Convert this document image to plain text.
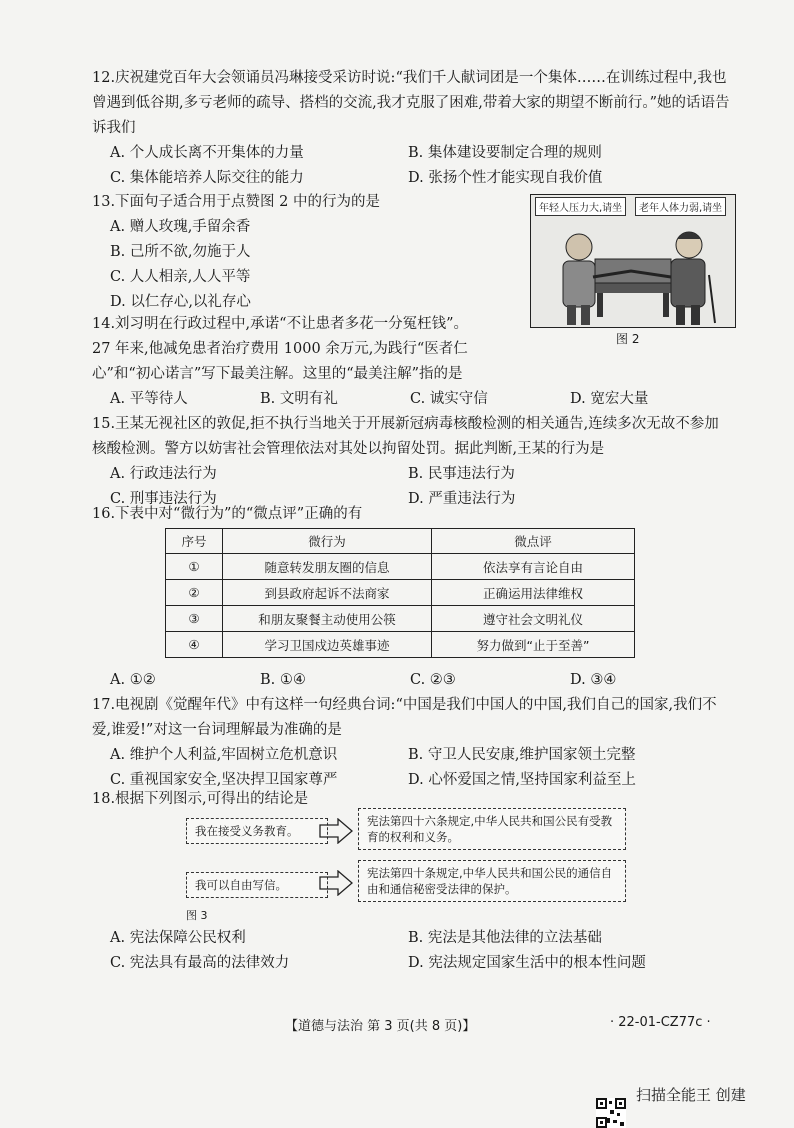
12.庆祝建党百年大会领诵员冯琳接受采访时说:“我们千人献词团是一个集体……在训练过程中,我也曾遇到低谷期,多亏老师的疏导、搭档的交流,我才克服了困难,带着大家的期望不断前行。”她的话语告诉我们
A. 个人成长离不开集体的力量	B. 集体建设要制定合理的规则
C. 集体能培养人际交往的能力	D. 张扬个性才能实现自我价值
13.下面句子适合用于点赞图 2 中的行为的是
A. 赠人玫瑰,手留余香
B. 己所不欲,勿施于人
C. 人人相亲,人人平等
D. 以仁存心,以礼存心
年轻人压力大,请坐	老年人体力弱,请坐
图 2
14.刘习明在行政过程中,承诺“不让患者多花一分冤枉钱”。
27 年来,他减免患者治疗费用 1000 余万元,为践行“医者仁
心”和“初心诺言”写下最美注解。这里的“最美注解”指的是
A. 平等待人	B. 文明有礼	C. 诚实守信	D. 宽宏大量
15.王某无视社区的敦促,拒不执行当地关于开展新冠病毒核酸检测的相关通告,连续多次无故不参加核酸检测。警方以妨害社会管理依法对其处以拘留处罚。据此判断,王某的行为是
A. 行政违法行为	B. 民事违法行为
C. 刑事违法行为	D. 严重违法行为
16.下表中对“微行为”的“微点评”正确的有
序号	微行为	微点评
①	随意转发朋友圈的信息	依法享有言论自由
②	到县政府起诉不法商家	正确运用法律维权
③	和朋友聚餐主动使用公筷	遵守社会文明礼仪
④	学习卫国戍边英雄事迹	努力做到“止于至善”
A. ①②	B. ①④	C. ②③	D. ③④
17.电视剧《觉醒年代》中有这样一句经典台词:“中国是我们中国人的中国,我们自己的国家,我们不爱,谁爱!”对这一台词理解最为准确的是
A. 维护个人利益,牢固树立危机意识	B. 守卫人民安康,维护国家领土完整
C. 重视国家安全,坚决捍卫国家尊严	D. 心怀爱国之情,坚持国家利益至上
18.根据下列图示,可得出的结论是
我在接受义务教育。
宪法第四十六条规定,中华人民共和国公民有受教育的权利和义务。
我可以自由写信。
宪法第四十条规定,中华人民共和国公民的通信自由和通信秘密受法律的保护。
图 3
A. 宪法保障公民权利	B. 宪法是其他法律的立法基础
C. 宪法具有最高的法律效力	D. 宪法规定国家生活中的根本性问题
【道德与法治 第 3 页(共 8 页)】	· 22-01-CZ77c ·
扫描全能王 创建
